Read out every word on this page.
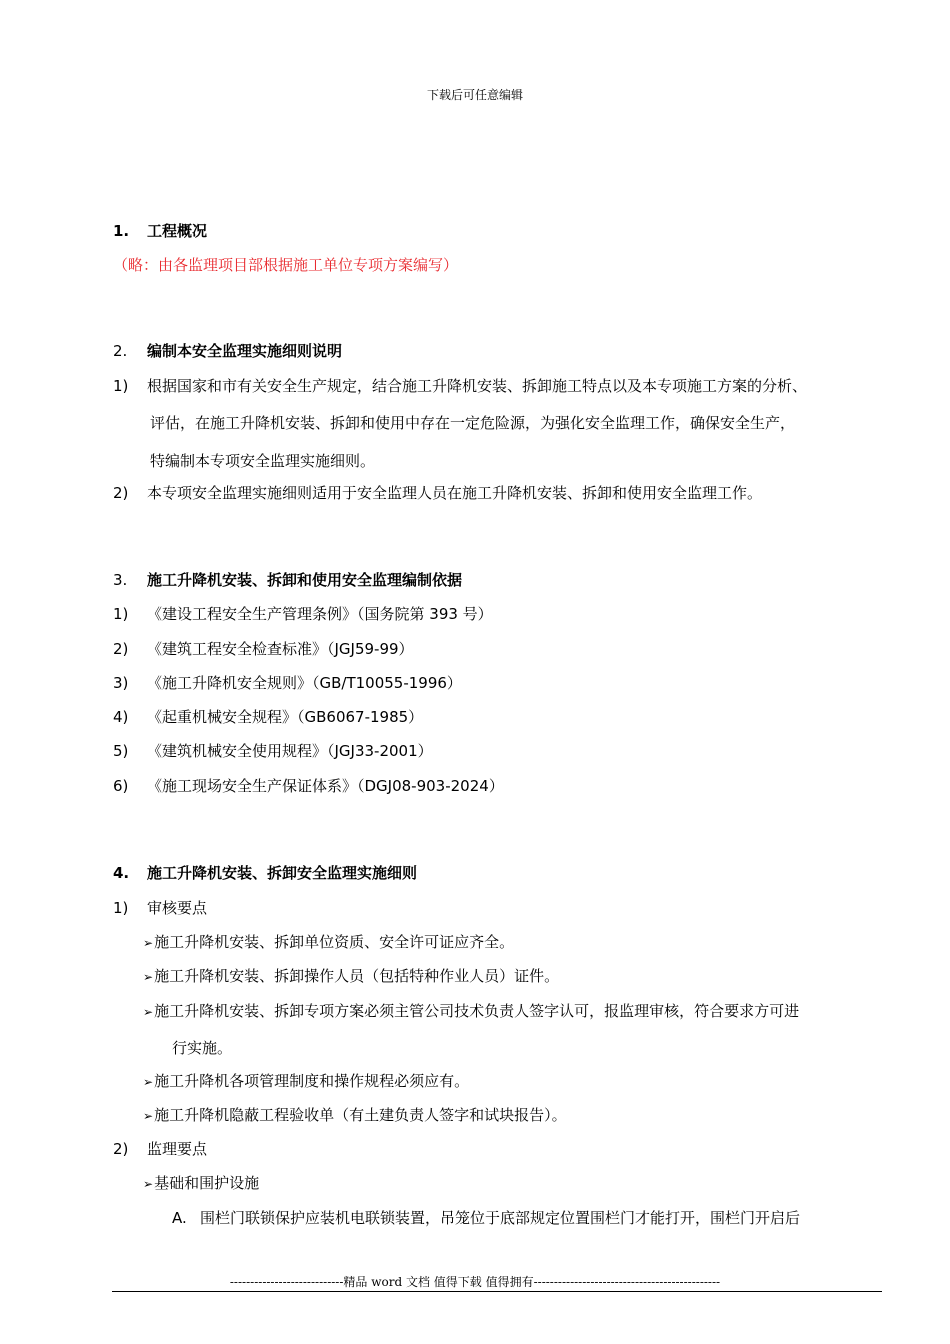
下载后可任意编辑
1. 工程概况
（略：由各监理项目部根据施工单位专项方案编写）
2. 编制本安全监理实施细则说明
1) 根据国家和市有关安全生产规定，结合施工升降机安装、拆卸施工特点以及本专项施工方案的分析、
评估，在施工升降机安装、拆卸和使用中存在一定危险源，为强化安全监理工作，确保安全生产，
特编制本专项安全监理实施细则。
2) 本专项安全监理实施细则适用于安全监理人员在施工升降机安装、拆卸和使用安全监理工作。
3. 施工升降机安装、拆卸和使用安全监理编制依据
1) 《建设工程安全生产管理条例》（国务院第 393 号）
2) 《建筑工程安全检查标准》（JGJ59-99）
3) 《施工升降机安全规则》（GB/T10055-1996）
4) 《起重机械安全规程》（GB6067-1985）
5) 《建筑机械安全使用规程》（JGJ33-2001）
6) 《施工现场安全生产保证体系》（DGJ08-903-2024）
4. 施工升降机安装、拆卸安全监理实施细则
1) 审核要点
➢施工升降机安装、拆卸单位资质、安全许可证应齐全。
➢施工升降机安装、拆卸操作人员（包括特种作业人员）证件。
➢施工升降机安装、拆卸专项方案必须主管公司技术负责人签字认可，报监理审核，符合要求方可进
行实施。
➢施工升降机各项管理制度和操作规程必须应有。
➢施工升降机隐蔽工程验收单（有土建负责人签字和试块报告）。
2) 监理要点
➢基础和围护设施
A. 围栏门联锁保护应装机电联锁装置，吊笼位于底部规定位置围栏门才能打开，围栏门开启后
----------------------------精品 word 文档 值得下载 值得拥有----------------------------------------------
